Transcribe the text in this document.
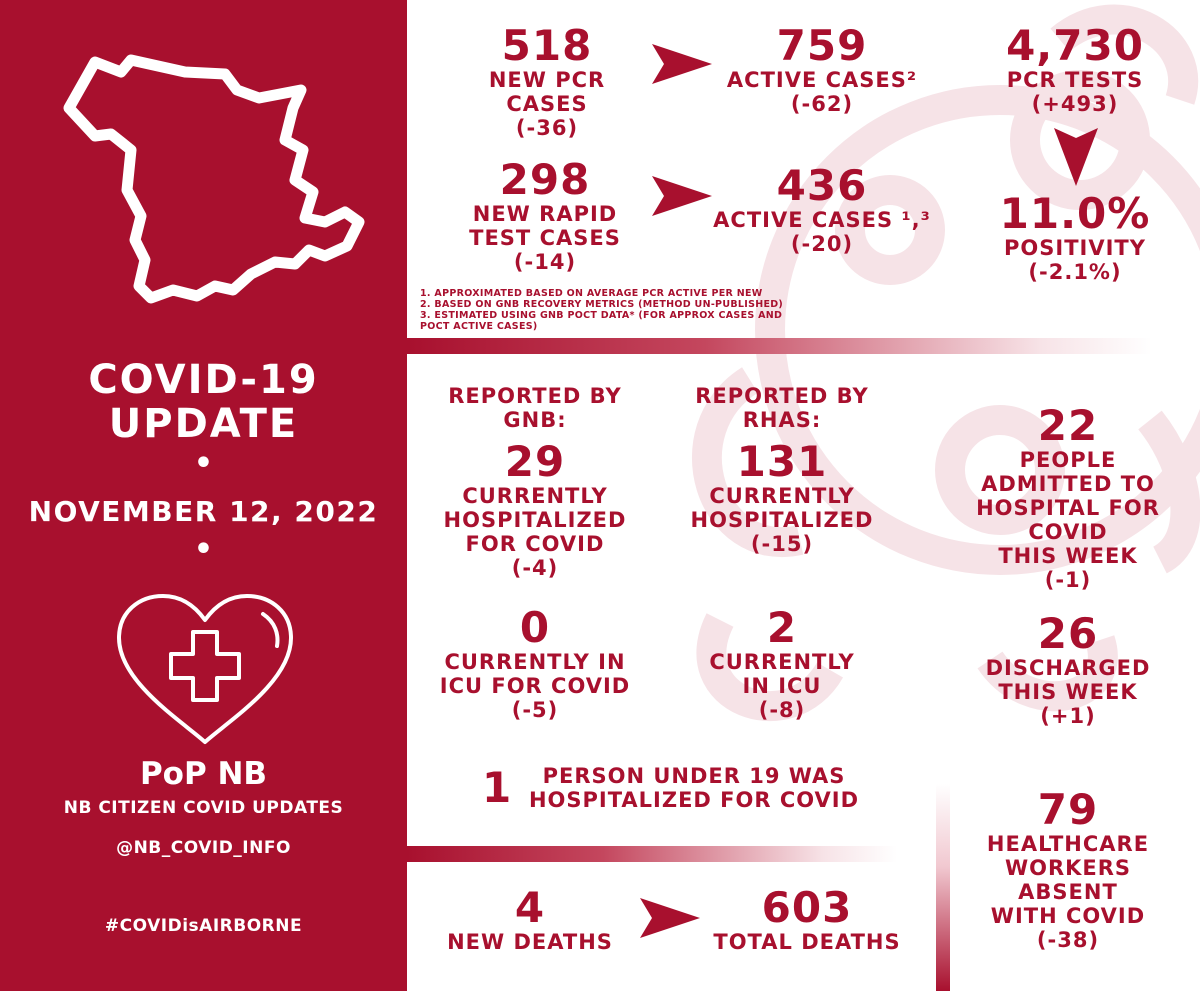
COVID-19
UPDATE
•
NOVEMBER 12, 2022
•
PoP NB
NB CITIZEN COVID UPDATES
@NB_COVID_INFO
#COVIDisAIRBORNE
518
NEW PCR
CASES
(-36)
759
ACTIVE CASES²
(-62)
4,730
PCR TESTS
(+493)
298
NEW RAPID
TEST CASES
(-14)
436
ACTIVE CASES ¹,³
(-20)
11.0%
POSITIVITY
(-2.1%)
1. APPROXIMATED BASED ON AVERAGE PCR ACTIVE PER NEW
2. BASED ON GNB RECOVERY METRICS (METHOD UN-PUBLISHED)
3. ESTIMATED USING GNB POCT DATA* (FOR APPROX CASES AND
POCT ACTIVE CASES)
REPORTED BY
GNB:
REPORTED BY
RHAS:
29
CURRENTLY
HOSPITALIZED
FOR COVID
(-4)
131
CURRENTLY
HOSPITALIZED
(-15)
0
CURRENTLY IN
ICU FOR COVID
(-5)
2
CURRENTLY
IN ICU
(-8)
22
PEOPLE
ADMITTED TO
HOSPITAL FOR
COVID
THIS WEEK
(-1)
26
DISCHARGED
THIS WEEK
(+1)
1	PERSON UNDER 19 WAS
HOSPITALIZED FOR COVID
4
NEW DEATHS
603
TOTAL DEATHS
79
HEALTHCARE
WORKERS
ABSENT
WITH COVID
(-38)
